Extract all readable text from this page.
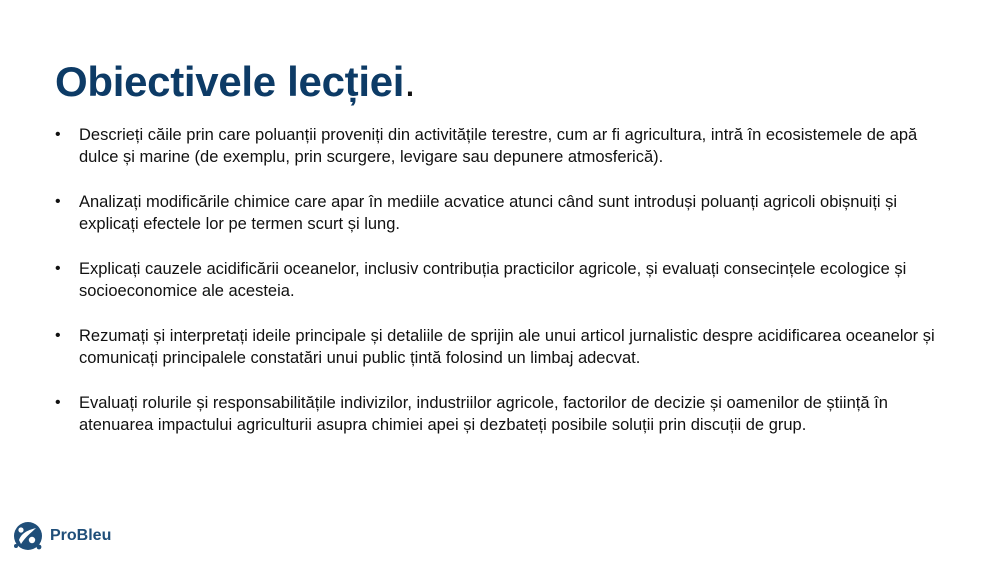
Obiectivele lecției.
• Descrieți căile prin care poluanții proveniți din activitățile terestre, cum ar fi agricultura, intră în ecosistemele de apă dulce și marine (de exemplu, prin scurgere, levigare sau depunere atmosferică).
• Analizați modificările chimice care apar în mediile acvatice atunci când sunt introduși poluanți agricoli obișnuiți și explicați efectele lor pe termen scurt și lung.
• Explicați cauzele acidificării oceanelor, inclusiv contribuția practicilor agricole, și evaluați consecințele ecologice și socioeconomice ale acesteia.
• Rezumați și interpretați ideile principale și detaliile de sprijin ale unui articol jurnalistic despre acidificarea oceanelor și comunicați principalele constatări unui public țintă folosind un limbaj adecvat.
• Evaluați rolurile și responsabilitățile indivizilor, industriilor agricole, factorilor de decizie și oamenilor de știință în atenuarea impactului agriculturii asupra chimiei apei și dezbateți posibile soluții prin discuții de grup.
ProBleu
